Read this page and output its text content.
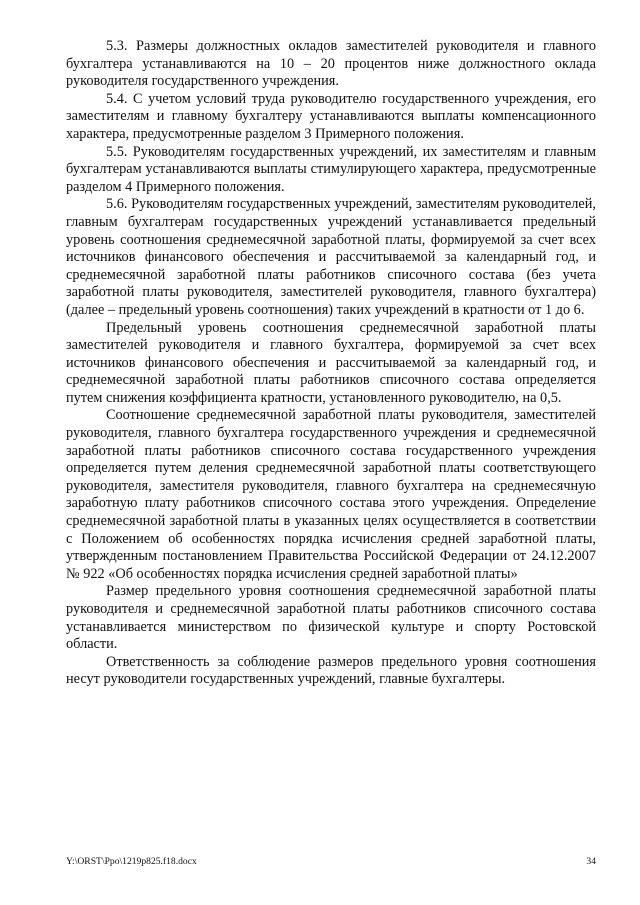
5.3. Размеры должностных окладов заместителей руководителя и главного бухгалтера устанавливаются на 10 – 20 процентов ниже должностного оклада руководителя государственного учреждения.

5.4. С учетом условий труда руководителю государственного учреждения, его заместителям и главному бухгалтеру устанавливаются выплаты компенсационного характера, предусмотренные разделом 3 Примерного положения.

5.5. Руководителям государственных учреждений, их заместителям и главным бухгалтерам устанавливаются выплаты стимулирующего характера, предусмотренные разделом 4 Примерного положения.

5.6. Руководителям государственных учреждений, заместителям руководителей, главным бухгалтерам государственных учреждений устанавливается предельный уровень соотношения среднемесячной заработной платы, формируемой за счет всех источников финансового обеспечения и рассчитываемой за календарный год, и среднемесячной заработной платы работников списочного состава (без учета заработной платы руководителя, заместителей руководителя, главного бухгалтера) (далее – предельный уровень соотношения) таких учреждений в кратности от 1 до 6.

Предельный уровень соотношения среднемесячной заработной платы заместителей руководителя и главного бухгалтера, формируемой за счет всех источников финансового обеспечения и рассчитываемой за календарный год, и среднемесячной заработной платы работников списочного состава определяется путем снижения коэффициента кратности, установленного руководителю, на 0,5.

Соотношение среднемесячной заработной платы руководителя, заместителей руководителя, главного бухгалтера государственного учреждения и среднемесячной заработной платы работников списочного состава государственного учреждения определяется путем деления среднемесячной заработной платы соответствующего руководителя, заместителя руководителя, главного бухгалтера на среднемесячную заработную плату работников списочного состава этого учреждения. Определение среднемесячной заработной платы в указанных целях осуществляется в соответствии с Положением об особенностях порядка исчисления средней заработной платы, утвержденным постановлением Правительства Российской Федерации от 24.12.2007 № 922 «Об особенностях порядка исчисления средней заработной платы»

Размер предельного уровня соотношения среднемесячной заработной платы руководителя и среднемесячной заработной платы работников списочного состава устанавливается министерством по физической культуре и спорту Ростовской области.

Ответственность за соблюдение размеров предельного уровня соотношения несут руководители государственных учреждений, главные бухгалтеры.

Y:\ORST\Ppo\1219p825.f18.docx	34
